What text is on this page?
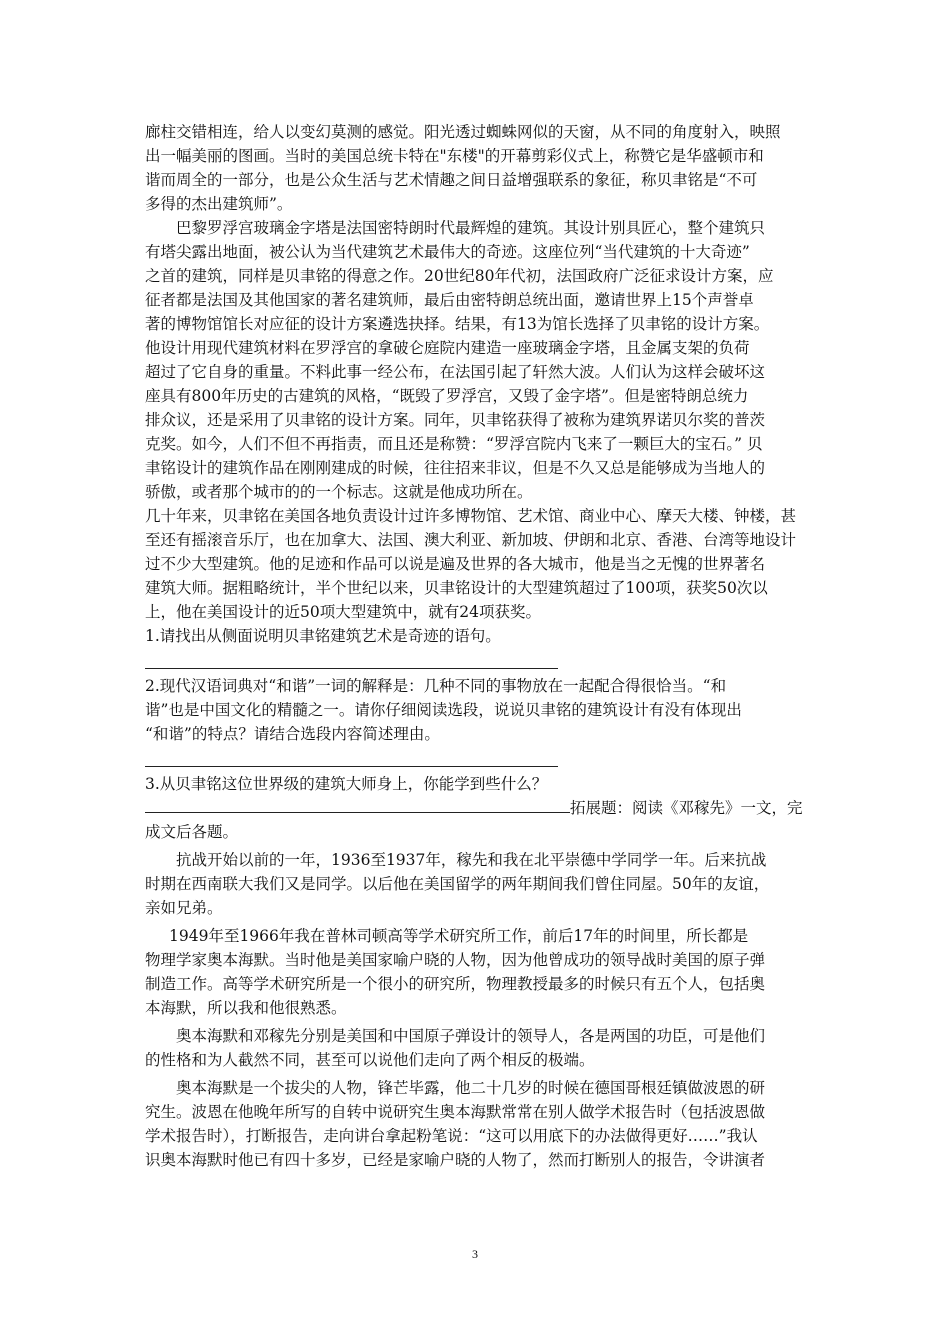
廊柱交错相连，给人以变幻莫测的感觉。阳光透过蜘蛛网似的天窗，从不同的角度射入，映照
出一幅美丽的图画。当时的美国总统卡特在"东楼"的开幕剪彩仪式上，称赞它是华盛顿市和
谐而周全的一部分，也是公众生活与艺术情趣之间日益增强联系的象征，称贝聿铭是“不可
多得的杰出建筑师”。

巴黎罗浮宫玻璃金字塔是法国密特朗时代最辉煌的建筑。其设计别具匠心，整个建筑只
有塔尖露出地面，被公认为当代建筑艺术最伟大的奇迹。这座位列“当代建筑的十大奇迹”
之首的建筑，同样是贝聿铭的得意之作。20世纪80年代初，法国政府广泛征求设计方案，应
征者都是法国及其他国家的著名建筑师，最后由密特朗总统出面，邀请世界上15个声誉卓
著的博物馆馆长对应征的设计方案遴选抉择。结果，有13为馆长选择了贝聿铭的设计方案。
他设计用现代建筑材料在罗浮宫的拿破仑庭院内建造一座玻璃金字塔，且金属支架的负荷
超过了它自身的重量。不料此事一经公布，在法国引起了轩然大波。人们认为这样会破坏这
座具有800年历史的古建筑的风格，“既毁了罗浮宫，又毁了金字塔”。但是密特朗总统力
排众议，还是采用了贝聿铭的设计方案。同年，贝聿铭获得了被称为建筑界诺贝尔奖的普茨
克奖。如今，人们不但不再指责，而且还是称赞：“罗浮宫院内飞来了一颗巨大的宝石。” 贝
聿铭设计的建筑作品在刚刚建成的时候，往往招来非议，但是不久又总是能够成为当地人的
骄傲，或者那个城市的的一个标志。这就是他成功所在。

几十年来，贝聿铭在美国各地负责设计过许多博物馆、艺术馆、商业中心、摩天大楼、钟楼，甚
至还有摇滚音乐厅，也在加拿大、法国、澳大利亚、新加坡、伊朗和北京、香港、台湾等地设计
过不少大型建筑。他的足迹和作品可以说是遍及世界的各大城市，他是当之无愧的世界著名
建筑大师。据粗略统计，半个世纪以来，贝聿铭设计的大型建筑超过了100项，获奖50次以
上，他在美国设计的近50项大型建筑中，就有24项获奖。

1.请找出从侧面说明贝聿铭建筑艺术是奇迹的语句。

2.现代汉语词典对“和谐”一词的解释是：几种不同的事物放在一起配合得很恰当。“和
谐”也是中国文化的精髓之一。请你仔细阅读选段，说说贝聿铭的建筑设计有没有体现出
“和谐”的特点？请结合选段内容简述理由。

3.从贝聿铭这位世界级的建筑大师身上，你能学到些什么？

拓展题：阅读《邓稼先》一文，完

成文后各题。

抗战开始以前的一年，1936至1937年，稼先和我在北平崇德中学同学一年。后来抗战
时期在西南联大我们又是同学。以后他在美国留学的两年期间我们曾住同屋。50年的友谊，
亲如兄弟。

1949年至1966年我在普林司顿高等学术研究所工作，前后17年的时间里，所长都是
物理学家奥本海默。当时他是美国家喻户晓的人物，因为他曾成功的领导战时美国的原子弹
制造工作。高等学术研究所是一个很小的研究所，物理教授最多的时候只有五个人，包括奥
本海默，所以我和他很熟悉。

奥本海默和邓稼先分别是美国和中国原子弹设计的领导人，各是两国的功臣，可是他们
的性格和为人截然不同，甚至可以说他们走向了两个相反的极端。

奥本海默是一个拔尖的人物，锋芒毕露，他二十几岁的时候在德国哥根廷镇做波恩的研
究生。波恩在他晚年所写的自转中说研究生奥本海默常常在别人做学术报告时（包括波恩做
学术报告时），打断报告，走向讲台拿起粉笔说：“这可以用底下的办法做得更好……”我认
识奥本海默时他已有四十多岁，已经是家喻户晓的人物了，然而打断别人的报告，令讲演者

3
